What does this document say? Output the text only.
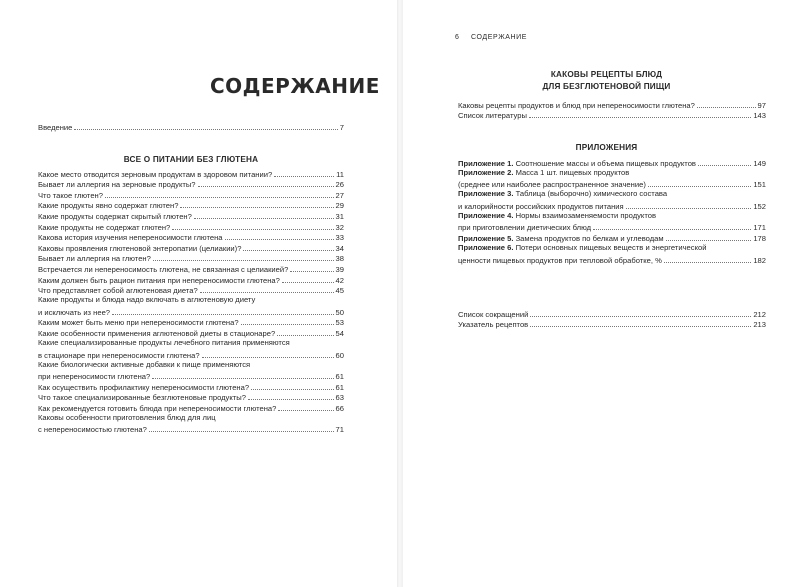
СОДЕРЖАНИЕ
Введение	7
ВСЕ О ПИТАНИИ БЕЗ ГЛЮТЕНА
Какое место отводится зерновым продуктам в здоровом питании?	11
Бывает ли аллергия на зерновые продукты?	26
Что такое глютен?	27
Какие продукты явно содержат глютен?	29
Какие продукты содержат скрытый глютен?	31
Какие продукты не содержат глютен?	32
Какова история изучения непереносимости глютена	33
Каковы проявления глютеновой энтеропатии (целиакии)?	34
Бывает ли аллергия на глютен?	38
Встречается ли непереносимость глютена, не связанная с целиакией?	39
Каким должен быть рацион питания при непереносимости глютена?	42
Что представляет собой аглютеновая диета?	45
Какие продукты и блюда надо включать в аглютеновую диету
и исключать из нее?	50
Каким может быть меню при непереносимости глютена?	53
Какие особенности применения аглютеновой диеты в стационаре?	54
Какие специализированные продукты лечебного питания применяются
в стационаре при непереносимости глютена?	60
Какие биологически активные добавки к пище применяются
при непереносимости глютена?	61
Как осуществить профилактику непереносимости глютена?	61
Что такое специализированные безглютеновые продукты?	63
Как рекомендуется готовить блюда при непереносимости глютена?	66
Каковы особенности приготовления блюд для лиц
с непереносимостью глютена?	71
6 СОДЕРЖАНИЕ
КАКОВЫ РЕЦЕПТЫ БЛЮД
ДЛЯ БЕЗГЛЮТЕНОВОЙ ПИЩИ
Каковы рецепты продуктов и блюд при непереносимости глютена?	97
Список литературы	143
ПРИЛОЖЕНИЯ
Приложение 1. Соотношение массы и объема пищевых продуктов	149
Приложение 2. Масса 1 шт. пищевых продуктов
(среднее или наиболее распространенное значение)	151
Приложение 3. Таблица (выборочно) химического состава
и калорийности российских продуктов питания	152
Приложение 4. Нормы взаимозаменяемости продуктов
при приготовлении диетических блюд	171
Приложение 5. Замена продуктов по белкам и углеводам	178
Приложение 6. Потери основных пищевых веществ и энергетической
ценности пищевых продуктов при тепловой обработке, %	182
Список сокращений	212
Указатель рецептов	213
